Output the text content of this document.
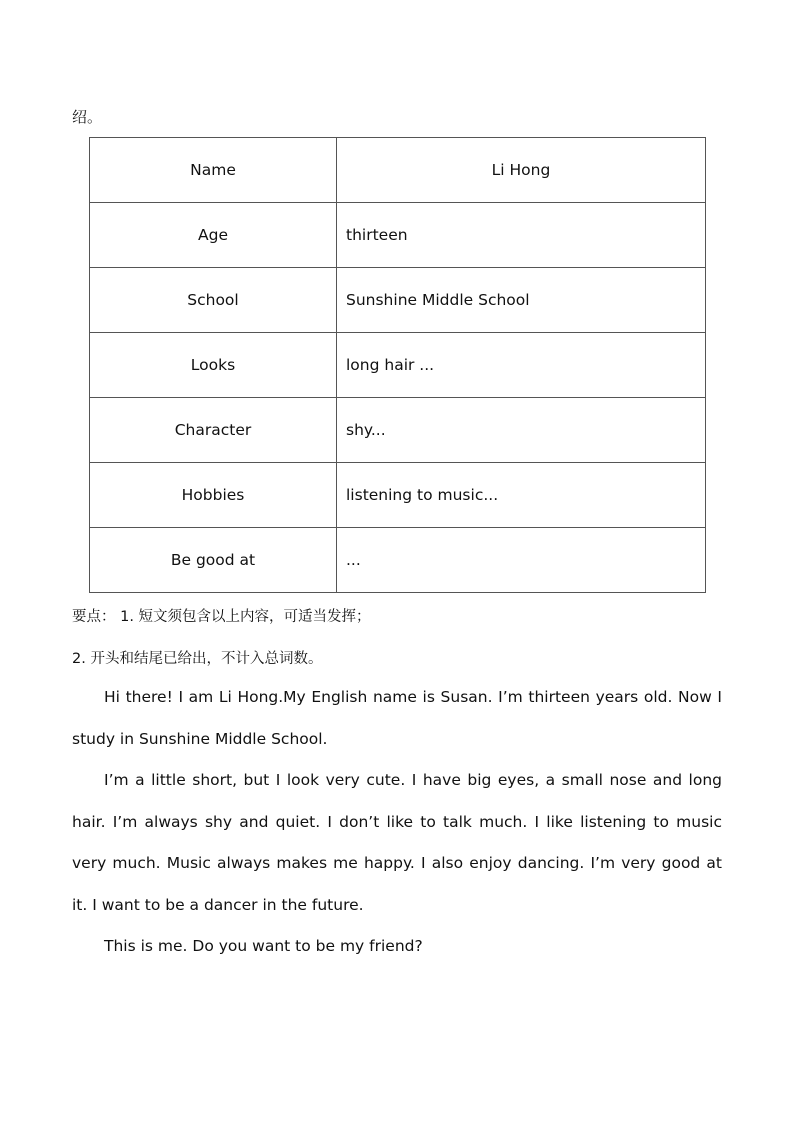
绍。
Name	Li Hong
Age	thirteen
School	Sunshine Middle School
Looks	long hair ...
Character	shy...
Hobbies	listening to music...
Be good at	...
要点： 1. 短文须包含以上内容，可适当发挥；
2. 开头和结尾已给出，不计入总词数。

Hi there! I am Li Hong.My English name is Susan. I’m thirteen years old. Now I study in Sunshine Middle School.

I’m a little short, but I look very cute. I have big eyes, a small nose and long hair. I’m always shy and quiet. I don’t like to talk much. I like listening to music very much. Music always makes me happy. I also enjoy dancing. I’m very good at it. I want to be a dancer in the future.

This is me. Do you want to be my friend?
